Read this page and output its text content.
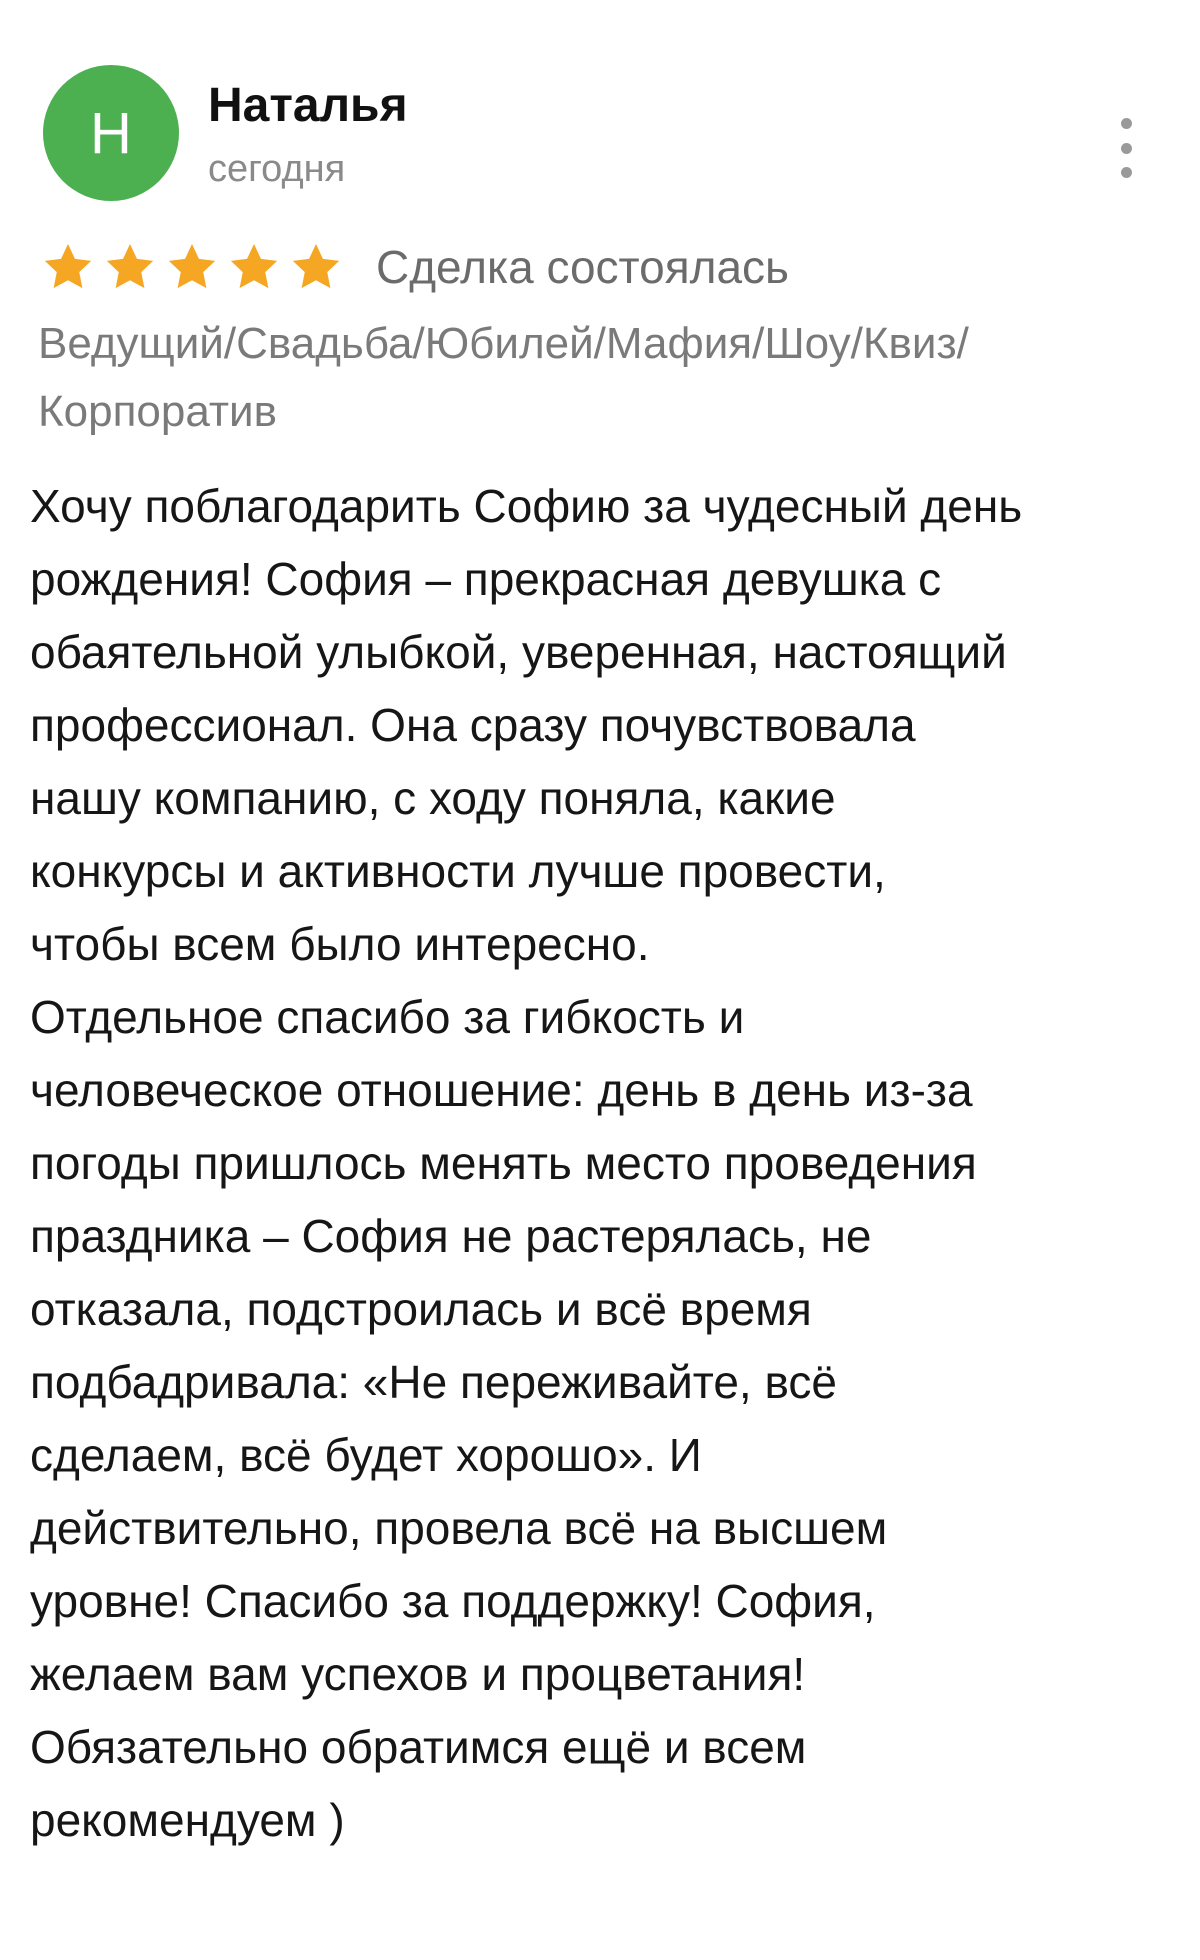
Н Наталья
сегодня
Сделка состоялась
Ведущий/Свадьба/Юбилей/Мафия/Шоу/Квиз/
Корпоратив
Хочу поблагодарить Софию за чудесный день
рождения! София – прекрасная девушка с
обаятельной улыбкой, уверенная, настоящий
профессионал. Она сразу почувствовала
нашу компанию, с ходу поняла, какие
конкурсы и активности лучше провести,
чтобы всем было интересно.
Отдельное спасибо за гибкость и
человеческое отношение: день в день из-за
погоды пришлось менять место проведения
праздника – София не растерялась, не
отказала, подстроилась и всё время
подбадривала: «Не переживайте, всё
сделаем, всё будет хорошо». И
действительно, провела всё на высшем
уровне! Спасибо за поддержку! София,
желаем вам успехов и процветания!
Обязательно обратимся ещё и всем
рекомендуем )
